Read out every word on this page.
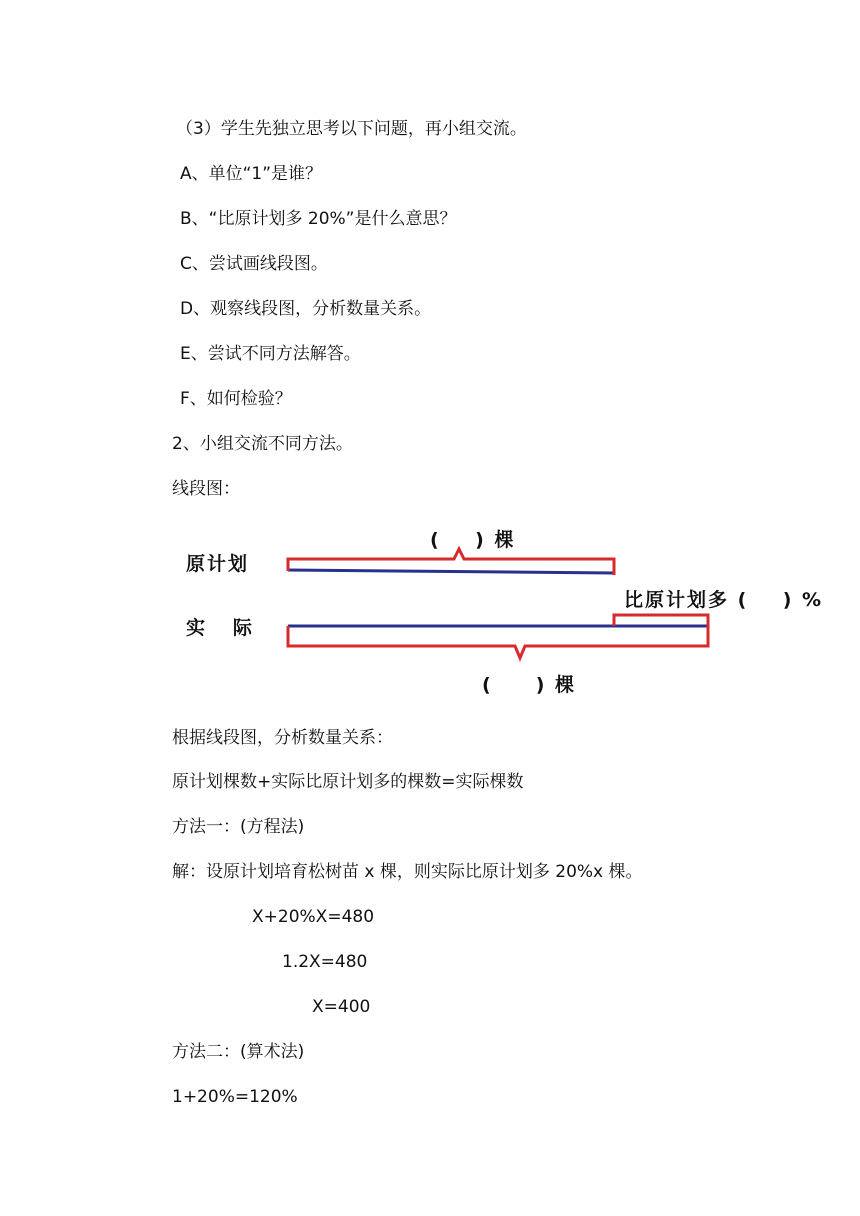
（3）学生先独立思考以下问题，再小组交流。
A、单位“1”是谁？
B、“比原计划多 20%”是什么意思？
C、尝试画线段图。
D、观察线段图，分析数量关系。
E、尝试不同方法解答。
F、如何检验？
2、小组交流不同方法。
线段图：
原计划
实   际
(    ) 棵
比原计划多 (    ) %
(     ) 棵
根据线段图，分析数量关系：
原计划棵数+实际比原计划多的棵数=实际棵数
方法一：(方程法)
解：设原计划培育松树苗 x 棵，则实际比原计划多 20%x 棵。
X+20%X=480
1.2X=480
X=400
方法二：(算术法)
1+20%=120%
